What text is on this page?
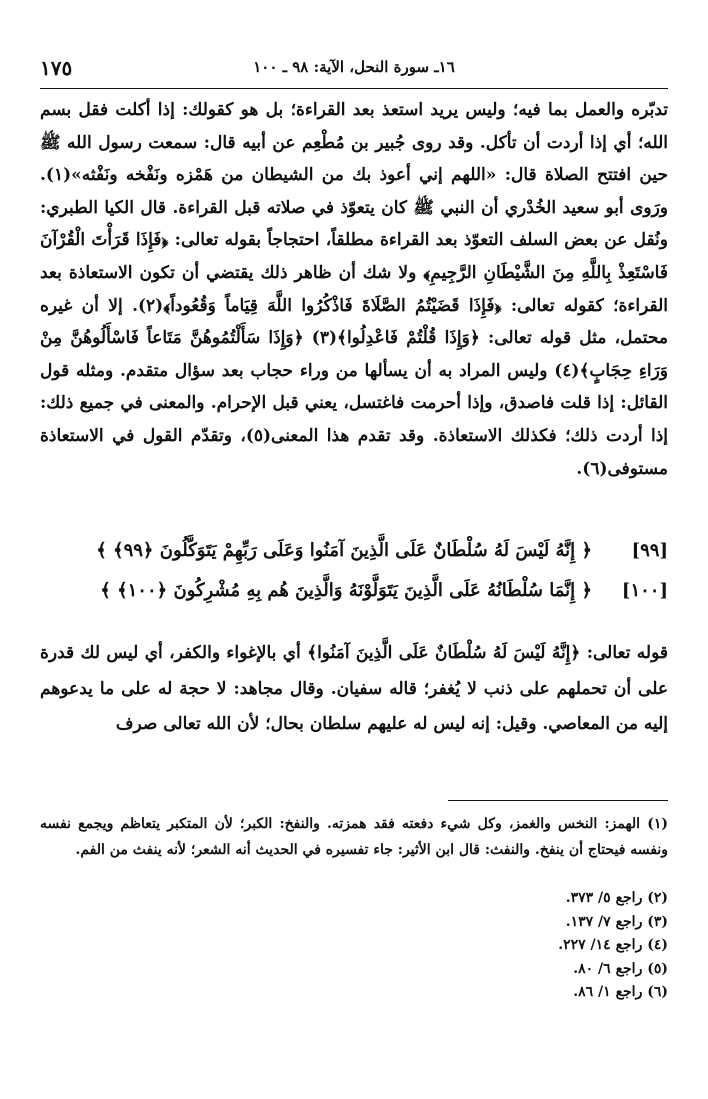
١٧٥	١٦ـ سورة النحل، الآية: ٩٨ ـ ١٠٠

تدبّره والعمل بما فيه؛ وليس يريد استعذ بعد القراءة؛ بل هو كقولك: إذا أكلت فقل بسم الله؛ أي إذا أردت أن تأكل. وقد روى جُبير بن مُطْعِم عن أبيه قال: سمعت رسول الله ﷺ حين افتتح الصلاة قال: «اللهم إني أعوذ بك من الشيطان من هَمْزه ونَفْخه ونَفْثه»(١). ورَوى أبو سعيد الخُدْري أن النبي ﷺ كان يتعوّذ في صلاته قبل القراءة. قال الكيا الطبري: ونُقل عن بعض السلف التعوّذ بعد القراءة مطلقاً، احتجاجاً بقوله تعالى: ﴿فَإِذَا قَرَأْتَ الْقُرْآنَ فَاسْتَعِذْ بِاللَّهِ مِنَ الشَّيْطَانِ الرَّجِيمِ﴾ ولا شك أن ظاهر ذلك يقتضي أن تكون الاستعاذة بعد القراءة؛ كقوله تعالى: ﴿فَإِذَا قَضَيْتُمُ الصَّلَاةَ فَاذْكُرُوا اللَّهَ قِيَاماً وَقُعُوداً﴾(٢). إلا أن غيره محتمل، مثل قوله تعالى: ﴿وَإِذَا قُلْتُمْ فَاعْدِلُوا﴾(٣) ﴿وَإِذَا سَأَلْتُمُوهُنَّ مَتَاعاً فَاسْأَلُوهُنَّ مِنْ وَرَاءِ حِجَابٍ﴾(٤) وليس المراد به أن يسألها من وراء حجاب بعد سؤال متقدم. ومثله قول القائل: إذا قلت فاصدق، وإذا أحرمت فاغتسل، يعني قبل الإحرام. والمعنى في جميع ذلك: إذا أردت ذلك؛ فكذلك الاستعاذة. وقد تقدم هذا المعنى(٥)، وتقدّم القول في الاستعاذة مستوفى(٦).

[٩٩]
﴿ إِنَّهُ لَيْسَ لَهُ سُلْطَانٌ عَلَى الَّذِينَ آمَنُوا وَعَلَى رَبِّهِمْ يَتَوَكَّلُونَ ﴿٩٩﴾ ﴾
[١٠٠]
﴿ إِنَّمَا سُلْطَانُهُ عَلَى الَّذِينَ يَتَوَلَّوْنَهُ وَالَّذِينَ هُم بِهِ مُشْرِكُونَ ﴿١٠٠﴾ ﴾

قوله تعالى: ﴿إِنَّهُ لَيْسَ لَهُ سُلْطَانٌ عَلَى الَّذِينَ آمَنُوا﴾ أي بالإغواء والكفر، أي ليس لك قدرة على أن تحملهم على ذنب لا يُغفر؛ قاله سفيان. وقال مجاهد: لا حجة له على ما يدعوهم إليه من المعاصي. وقيل: إنه ليس له عليهم سلطان بحال؛ لأن الله تعالى صرف

(١) الهمز: النخس والغمز، وكل شيء دفعته فقد همزته. والنفخ: الكبر؛ لأن المتكبر يتعاظم ويجمع نفسه ونفسه فيحتاج أن ينفخ. والنفث: قال ابن الأثير: جاء تفسيره في الحديث أنه الشعر؛ لأنه ينفث من الفم.

(٢) راجع ٥/ ٣٧٣.
(٣) راجع ٧/ ١٣٧.
(٤) راجع ١٤/ ٢٢٧.
(٥) راجع ٦/ ٨٠.
(٦) راجع ١/ ٨٦.
